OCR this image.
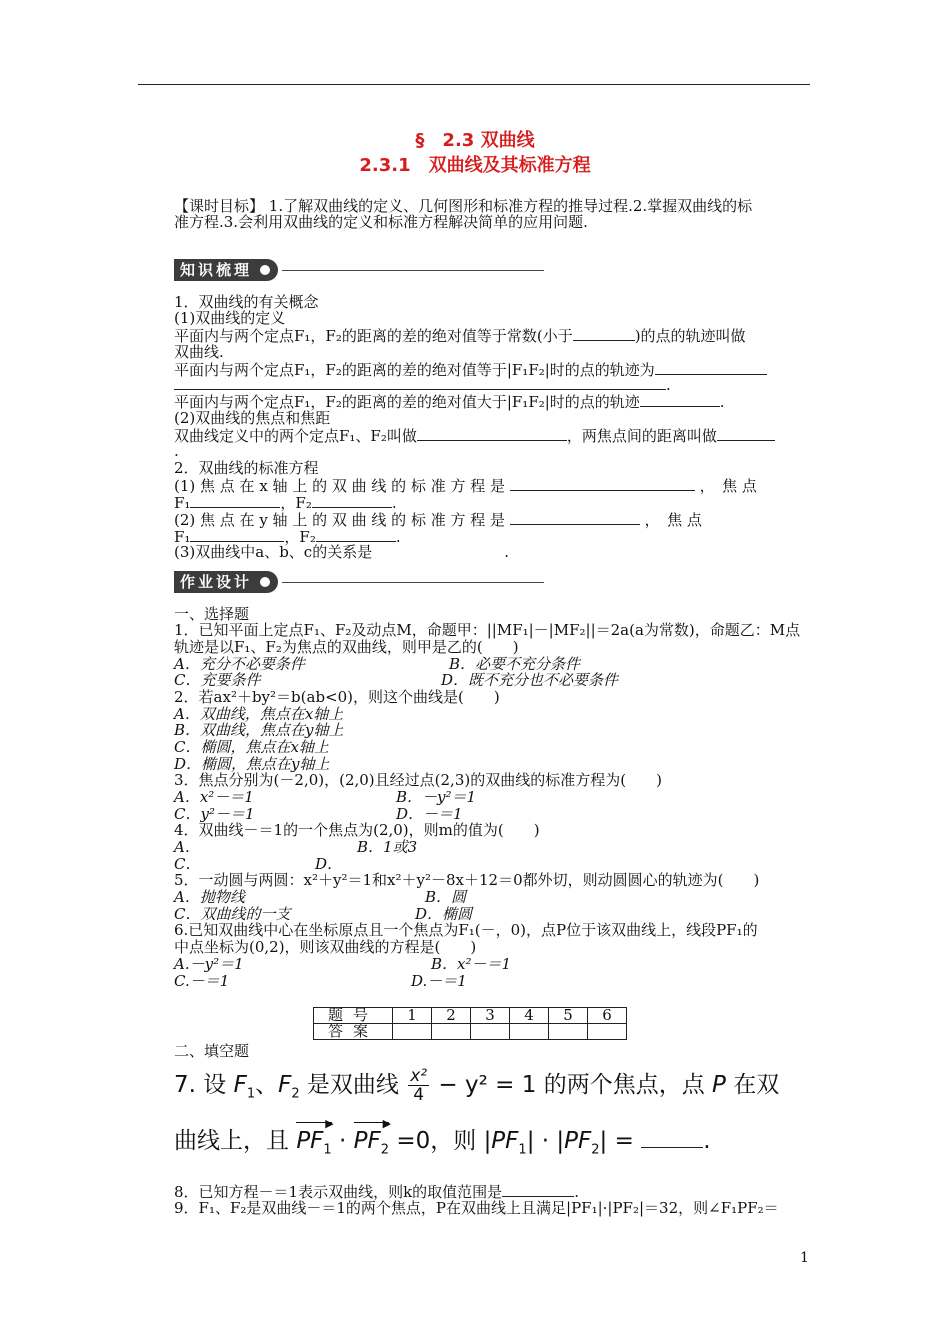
§　2.3 双曲线
2.3.1　双曲线及其标准方程
【课时目标】 1.了解双曲线的定义、几何图形和标准方程的推导过程.2.掌握双曲线的标
准方程.3.会利用双曲线的定义和标准方程解决简单的应用问题.
知识梳理
1．双曲线的有关概念
(1)双曲线的定义
平面内与两个定点F₁，F₂的距离的差的绝对值等于常数(小于	)的点的轨迹叫做
双曲线.
平面内与两个定点F₁，F₂的距离的差的绝对值等于|F₁F₂|时的点的轨迹为
.
平面内与两个定点F₁，F₂的距离的差的绝对值大于|F₁F₂|时的点的轨迹	.
(2)双曲线的焦点和焦距
双曲线定义中的两个定点F₁、F₂叫做	，两焦点间的距离叫做
.
2．双曲线的标准方程
(1) 焦 点 在 x 轴 上 的 双 曲 线 的 标 准 方 程 是	，　焦 点
F₁	，F₂	.
(2) 焦 点 在 y 轴 上 的 双 曲 线 的 标 准 方 程 是	，　焦 点
F₁	，F₂	.
(3)双曲线中a、b、c的关系是	.
作业设计
一、选择题
1．已知平面上定点F₁、F₂及动点M，命题甲：||MF₁|－|MF₂||＝2a(a为常数)，命题乙：M点
轨迹是以F₁、F₂为焦点的双曲线，则甲是乙的(　　)
A．充分不必要条件	B．必要不充分条件
C．充要条件	D．既不充分也不必要条件
2．若ax²＋by²＝b(ab<0)，则这个曲线是(　　)
A．双曲线，焦点在x轴上
B．双曲线，焦点在y轴上
C．椭圆，焦点在x轴上
D．椭圆，焦点在y轴上
3．焦点分别为(－2,0)，(2,0)且经过点(2,3)的双曲线的标准方程为(　　)
A．x²－＝1	B．－y²＝1
C．y²－＝1	D．－＝1
4．双曲线－＝1的一个焦点为(2,0)，则m的值为(　　)
A．	B．1或3
C．	D．
5．一动圆与两圆：x²＋y²＝1和x²＋y²－8x＋12＝0都外切，则动圆圆心的轨迹为(　　)
A．抛物线	B．圆
C．双曲线的一支	D．椭圆
6.已知双曲线中心在坐标原点且一个焦点为F₁(－，0)，点P位于该双曲线上，线段PF₁的
中点坐标为(0,2)，则该双曲线的方程是(　　)
A.－y²＝1	B．x²－＝1
C.－＝1	D.－＝1
题号	1	2	3	4	5	6
答案						
二、填空题
7. 设 $F_1$、$F_2$ 是双曲线 $\frac{\text{x²}}{4} - y^2 = 1$ 的两个焦点，点 P 在双
曲线上，且
▶
$PF_1$ ·
▶
$PF_2 =0$，则 $|PF_1| \cdot |PF_2|$ =	.
8．已知方程－＝1表示双曲线，则k的取值范围是	.
9．F₁、F₂是双曲线－＝1的两个焦点，P在双曲线上且满足|PF₁|·|PF₂|＝32，则∠F₁PF₂＝
1
